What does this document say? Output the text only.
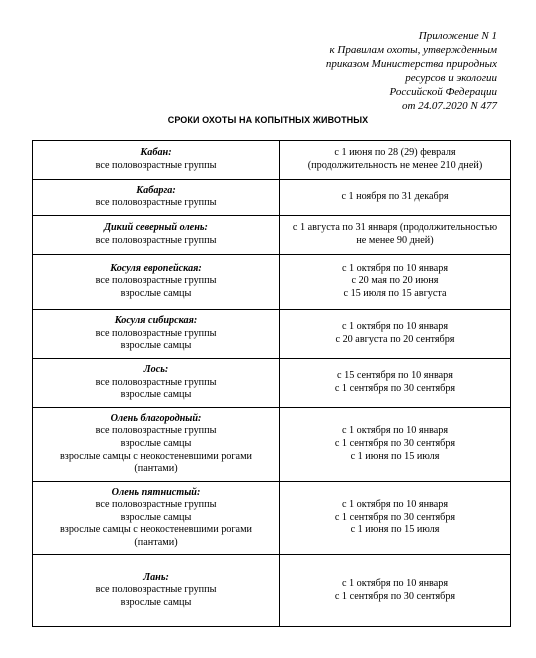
Приложение N 1
к Правилам охоты, утвержденным
приказом Министерства природных
ресурсов и экологии
Российской Федерации
от 24.07.2020 N 477
СРОКИ ОХОТЫ НА КОПЫТНЫХ ЖИВОТНЫХ
Кабан:
все половозрастные группы	с 1 июня по 28 (29) февраля
(продолжительность не менее 210 дней)

Кабарга:
все половозрастные группы	с 1 ноября по 31 декабря

Дикий северный олень:
все половозрастные группы	с 1 августа по 31 января (продолжительностью
не менее 90 дней)

Косуля европейская:
все половозрастные группы
взрослые самцы	с 1 октября по 10 января
с 20 мая по 20 июня
с 15 июля по 15 августа

Косуля сибирская:
все половозрастные группы
взрослые самцы	с 1 октября по 10 января
с 20 августа по 20 сентября

Лось:
все половозрастные группы
взрослые самцы	с 15 сентября по 10 января
с 1 сентября по 30 сентября

Олень благородный:
все половозрастные группы
взрослые самцы
взрослые самцы с неокостеневшими рогами
(пантами)	с 1 октября по 10 января
с 1 сентября по 30 сентября
с 1 июня по 15 июля

Олень пятнистый:
все половозрастные группы
взрослые самцы
взрослые самцы с неокостеневшими рогами
(пантами)	с 1 октября по 10 января
с 1 сентября по 30 сентября
с 1 июня по 15 июля

Лань:
все половозрастные группы
взрослые самцы	с 1 октября по 10 января
с 1 сентября по 30 сентября
